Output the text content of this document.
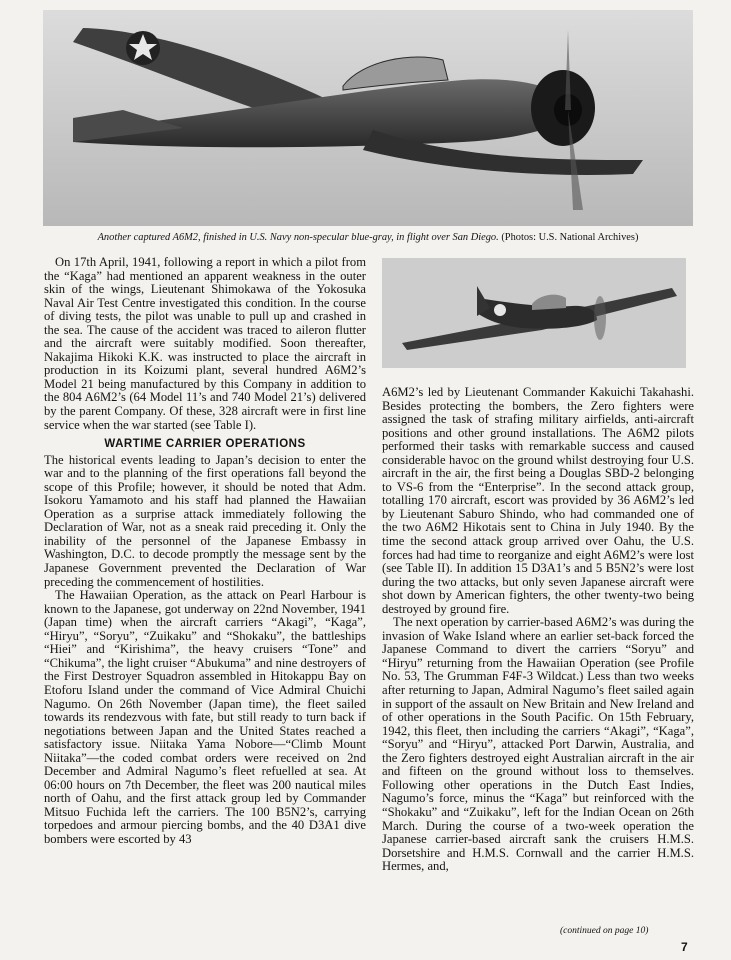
Another captured A6M2, finished in U.S. Navy non-specular blue-gray, in flight over San Diego. (Photos: U.S. National Archives)

On 17th April, 1941, following a report in which a pilot from the “Kaga” had mentioned an apparent weakness in the outer skin of the wings, Lieutenant Shimokawa of the Yokosuka Naval Air Test Centre investigated this condition. In the course of diving tests, the pilot was unable to pull up and crashed in the sea. The cause of the accident was traced to aileron flutter and the aircraft were suitably modified. Soon thereafter, Nakajima Hikoki K.K. was instructed to place the aircraft in production in its Koizumi plant, several hundred A6M2’s Model 21 being manufactured by this Company in addition to the 804 A6M2’s (64 Model 11’s and 740 Model 21’s) delivered by the parent Company. Of these, 328 aircraft were in first line service when the war started (see Table I).

WARTIME CARRIER OPERATIONS

The historical events leading to Japan’s decision to enter the war and to the planning of the first operations fall beyond the scope of this Profile; however, it should be noted that Adm. Isokoru Yamamoto and his staff had planned the Hawaiian Operation as a surprise attack immediately following the Declaration of War, not as a sneak raid preceding it. Only the inability of the personnel of the Japanese Embassy in Washington, D.C. to decode promptly the message sent by the Japanese Government prevented the Declaration of War preceding the commencement of hostilities.

The Hawaiian Operation, as the attack on Pearl Harbour is known to the Japanese, got underway on 22nd November, 1941 (Japan time) when the aircraft carriers “Akagi”, “Kaga”, “Hiryu”, “Soryu”, “Zuikaku” and “Shokaku”, the battleships “Hiei” and “Kirishima”, the heavy cruisers “Tone” and “Chikuma”, the light cruiser “Abukuma” and nine destroyers of the First Destroyer Squadron assembled in Hitokappu Bay on Etoforu Island under the command of Vice Admiral Chuichi Nagumo. On 26th November (Japan time), the fleet sailed towards its rendezvous with fate, but still ready to turn back if negotiations between Japan and the United States reached a satisfactory issue. Niitaka Yama Nobore—“Climb Mount Niitaka”—the coded combat orders were received on 2nd December and Admiral Nagumo’s fleet refuelled at sea. At 06:00 hours on 7th December, the fleet was 200 nautical miles north of Oahu, and the first attack group led by Commander Mitsuo Fuchida left the carriers. The 100 B5N2’s, carrying torpedoes and armour piercing bombs, and the 40 D3A1 dive bombers were escorted by 43

A6M2’s led by Lieutenant Commander Kakuichi Takahashi. Besides protecting the bombers, the Zero fighters were assigned the task of strafing military airfields, anti-aircraft positions and other ground installations. The A6M2 pilots performed their tasks with remarkable success and caused considerable havoc on the ground whilst destroying four U.S. aircraft in the air, the first being a Douglas SBD-2 belonging to VS-6 from the “Enterprise”. In the second attack group, totalling 170 aircraft, escort was provided by 36 A6M2’s led by Lieutenant Saburo Shindo, who had commanded one of the two A6M2 Hikotais sent to China in July 1940. By the time the second attack group arrived over Oahu, the U.S. forces had had time to reorganize and eight A6M2’s were lost (see Table II). In addition 15 D3A1’s and 5 B5N2’s were lost during the two attacks, but only seven Japanese aircraft were shot down by American fighters, the other twenty-two being destroyed by ground fire.

The next operation by carrier-based A6M2’s was during the invasion of Wake Island where an earlier set-back forced the Japanese Command to divert the carriers “Soryu” and “Hiryu” returning from the Hawaiian Operation (see Profile No. 53, The Grumman F4F-3 Wildcat.) Less than two weeks after returning to Japan, Admiral Nagumo’s fleet sailed again in support of the assault on New Britain and New Ireland and of other operations in the South Pacific. On 15th February, 1942, this fleet, then including the carriers “Akagi”, “Kaga”, “Soryu” and “Hiryu”, attacked Port Darwin, Australia, and the Zero fighters destroyed eight Australian aircraft in the air and fifteen on the ground without loss to themselves. Following other operations in the Dutch East Indies, Nagumo’s force, minus the “Kaga” but reinforced with the “Shokaku” and “Zuikaku”, left for the Indian Ocean on 26th March. During the course of a two-week operation the Japanese carrier-based aircraft sank the cruisers H.M.S. Dorsetshire and H.M.S. Cornwall and the carrier H.M.S. Hermes, and,

(continued on page 10)
7
